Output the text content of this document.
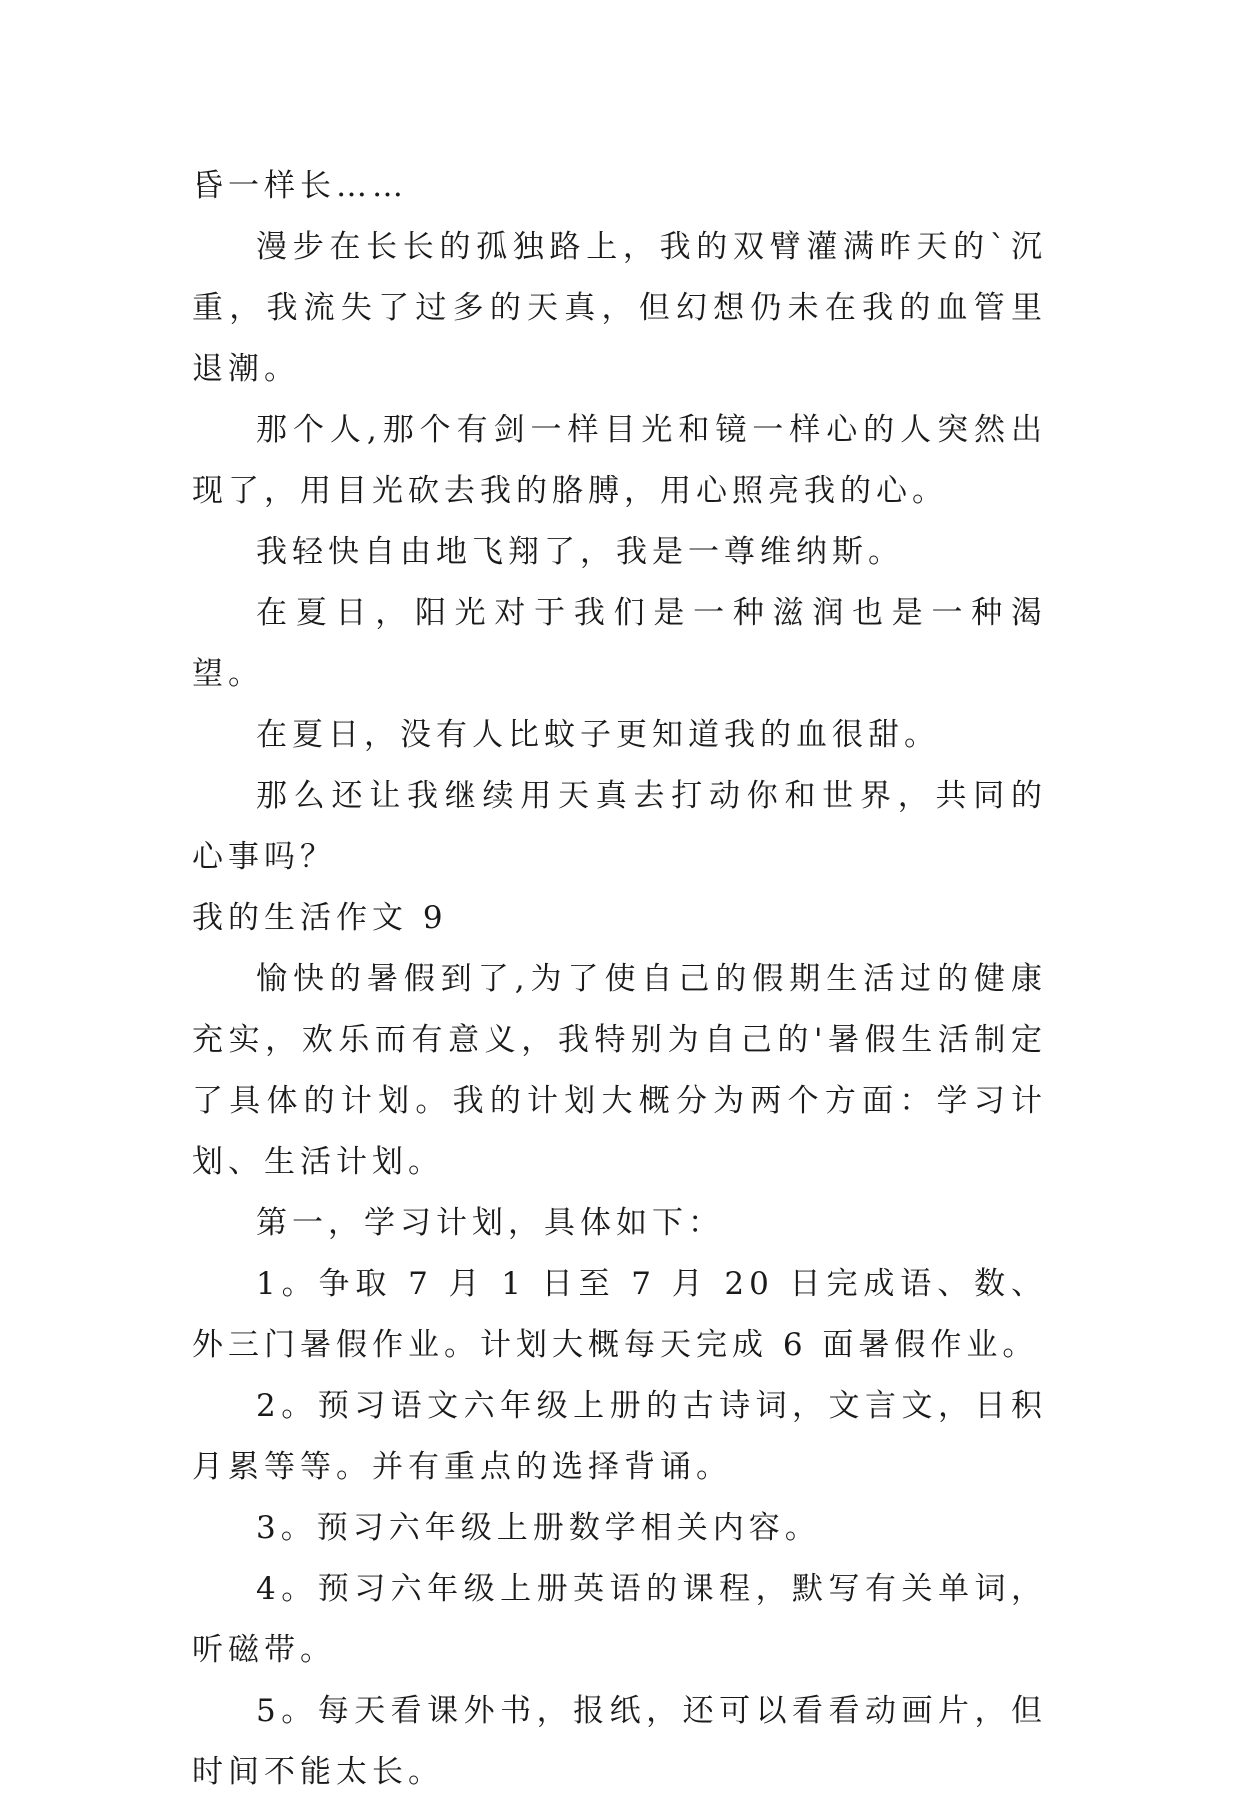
昏一样长……

漫步在长长的孤独路上，我的双臂灌满昨天的`沉重，我流失了过多的天真，但幻想仍未在我的血管里退潮。

那个人,那个有剑一样目光和镜一样心的人突然出现了，用目光砍去我的胳膊，用心照亮我的心。

我轻快自由地飞翔了，我是一尊维纳斯。

在夏日，阳光对于我们是一种滋润也是一种渴望。

在夏日，没有人比蚊子更知道我的血很甜。

那么还让我继续用天真去打动你和世界，共同的心事吗？

我的生活作文 9

愉快的暑假到了,为了使自己的假期生活过的健康充实，欢乐而有意义，我特别为自己的'暑假生活制定了具体的计划。我的计划大概分为两个方面：学习计划、生活计划。

第一，学习计划，具体如下：

1。争取 7 月 1 日至 7 月 20 日完成语、数、外三门暑假作业。计划大概每天完成 6 面暑假作业。

2。预习语文六年级上册的古诗词，文言文，日积月累等等。并有重点的选择背诵。

3。预习六年级上册数学相关内容。

4。预习六年级上册英语的课程，默写有关单词，听磁带。

5。每天看课外书，报纸，还可以看看动画片，但时间不能太长。
